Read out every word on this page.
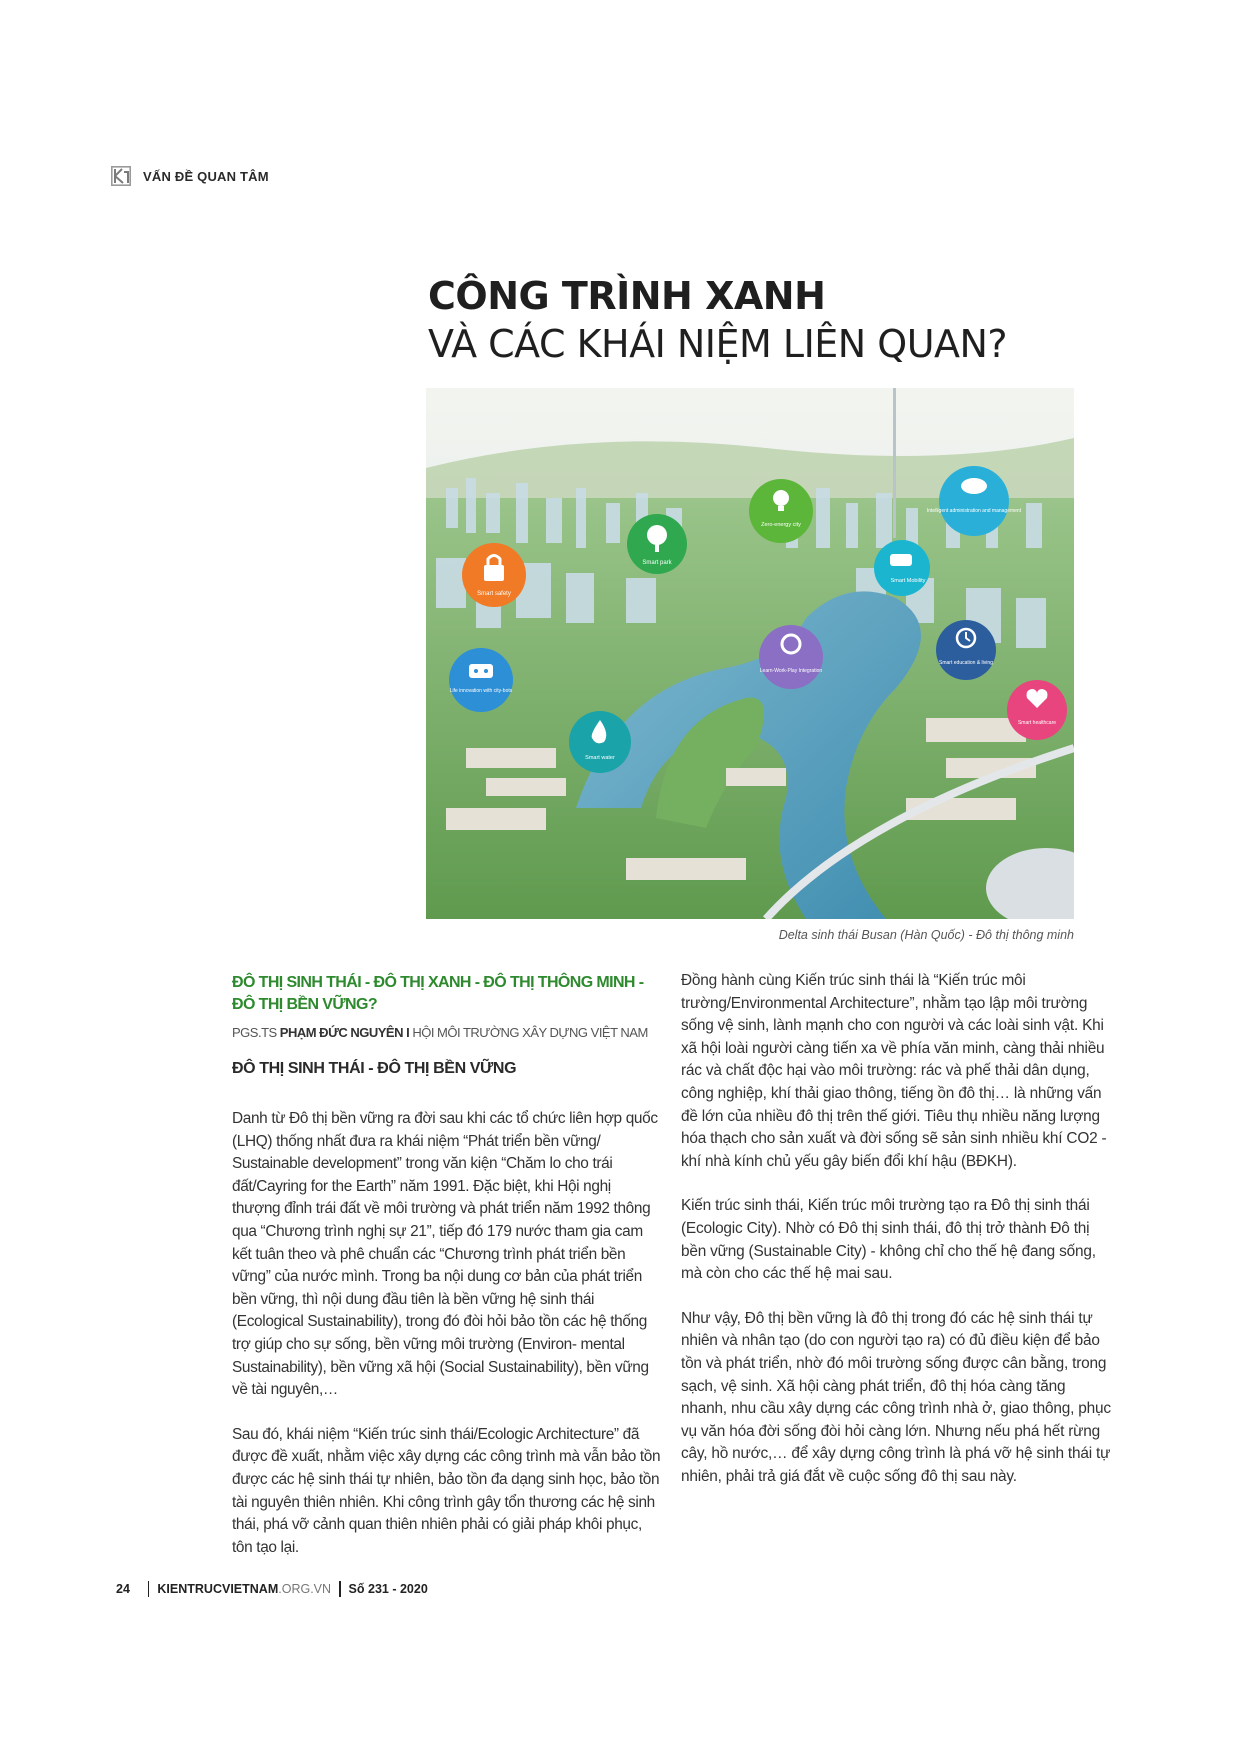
VẤN ĐỀ QUAN TÂM
CÔNG TRÌNH XANH
VÀ CÁC KHÁI NIỆM LIÊN QUAN?
Smart safety
Smart park
Zero-energy city
Intelligent administration and management
Smart Mobility
Learn-Work-Play Integration
Smart education & living
Life innovation with city-bots
Smart water
Smart healthcare
Delta sinh thái Busan (Hàn Quốc) - Đô thị thông minh
ĐÔ THỊ SINH THÁI - ĐÔ THỊ XANH - ĐÔ THỊ THÔNG MINH - ĐÔ THỊ BỀN VỮNG?
PGS.TS PHẠM ĐỨC NGUYÊN I HỘI MÔI TRƯỜNG XÂY DỰNG VIỆT NAM
ĐÔ THỊ SINH THÁI - ĐÔ THỊ BỀN VỮNG

Danh từ Đô thị bền vững ra đời sau khi các tổ chức liên hợp quốc (LHQ) thống nhất đưa ra khái niệm “Phát triển bền vững/ Sustainable development” trong văn kiện “Chăm lo cho trái đất/Cayring for the Earth” năm 1991. Đặc biệt, khi Hội nghị thượng đỉnh trái đất về môi trường và phát triển năm 1992 thông qua “Chương trình nghị sự 21”, tiếp đó 179 nước tham gia cam kết tuân theo và phê chuẩn các “Chương trình phát triển bền vững” của nước mình. Trong ba nội dung cơ bản của phát triển bền vững, thì nội dung đầu tiên là bền vững hệ sinh thái (Ecological Sustainability), trong đó đòi hỏi bảo tồn các hệ thống trợ giúp cho sự sống, bền vững môi trường (Environ- mental Sustainability), bền vững xã hội (Social Sustainability), bền vững về tài nguyên,…

Sau đó, khái niệm “Kiến trúc sinh thái/Ecologic Architecture” đã được đề xuất, nhằm việc xây dựng các công trình mà vẫn bảo tồn được các hệ sinh thái tự nhiên, bảo tồn đa dạng sinh học, bảo tồn tài nguyên thiên nhiên. Khi công trình gây tổn thương các hệ sinh thái, phá vỡ cảnh quan thiên nhiên phải có giải pháp khôi phục, tôn tạo lại.

Đồng hành cùng Kiến trúc sinh thái là “Kiến trúc môi trường/Environmental Architecture”, nhằm tạo lập môi trường sống vệ sinh, lành mạnh cho con người và các loài sinh vật. Khi xã hội loài người càng tiến xa về phía văn minh, càng thải nhiều rác và chất độc hại vào môi trường: rác và phế thải dân dụng, công nghiệp, khí thải giao thông, tiếng ồn đô thị… là những vấn đề lớn của nhiều đô thị trên thế giới. Tiêu thụ nhiều năng lượng hóa thạch cho sản xuất và đời sống sẽ sản sinh nhiều khí CO2 - khí nhà kính chủ yếu gây biến đổi khí hậu (BĐKH).

Kiến trúc sinh thái, Kiến trúc môi trường tạo ra Đô thị sinh thái (Ecologic City). Nhờ có Đô thị sinh thái, đô thị trở thành Đô thị bền vững (Sustainable City) - không chỉ cho thế hệ đang sống, mà còn cho các thế hệ mai sau.

Như vậy, Đô thị bền vững là đô thị trong đó các hệ sinh thái tự nhiên và nhân tạo (do con người tạo ra) có đủ điều kiện để bảo tồn và phát triển, nhờ đó môi trường sống được cân bằng, trong sạch, vệ sinh. Xã hội càng phát triển, đô thị hóa càng tăng nhanh, nhu cầu xây dựng các công trình nhà ở, giao thông, phục vụ văn hóa đời sống đòi hỏi càng lớn. Nhưng nếu phá hết rừng cây, hồ nước,… để xây dựng công trình là phá vỡ hệ sinh thái tự nhiên, phải trả giá đắt về cuộc sống đô thị sau này.

24 KIENTRUCVIETNAM.ORG.VN Số 231 - 2020
